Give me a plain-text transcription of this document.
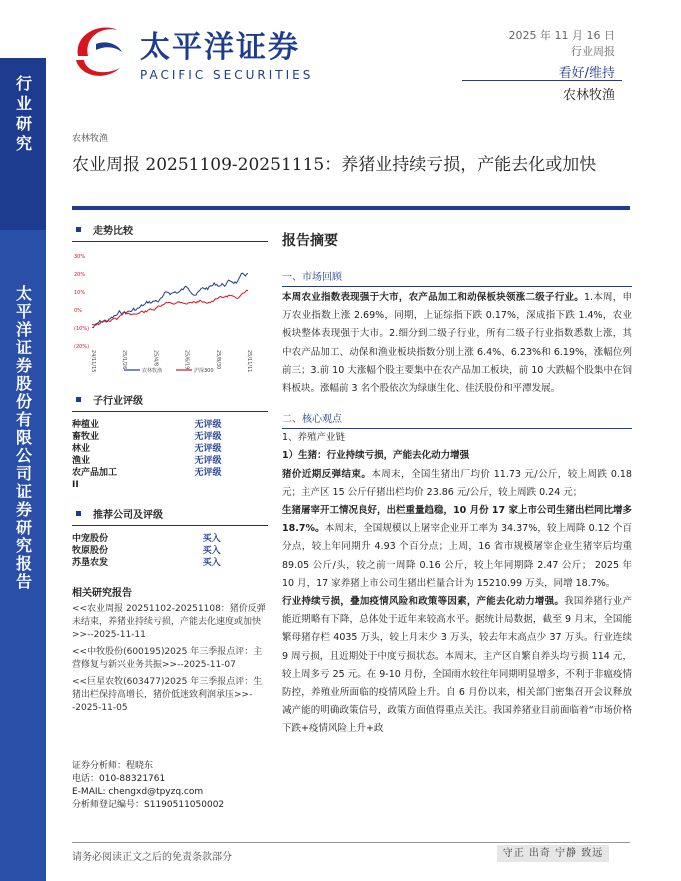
行业研究
太平洋证券股份有限公司证券研究报告
太平洋证券
PACIFIC SECURITIES
2025 年 11 月 16 日
行业周报
看好/维持
农林牧渔
农林牧渔
农业周报 20251109-20251115：养猪业持续亏损，产能去化或加快
走势比较
30%
20%
10%
0%
(10%)
(20%)
24/11/15	25/1/26	25/4/8	25/6/19	25/8/30	25/11/11
农林牧渔	沪深300
子行业评级
种植业	无评级
畜牧业	无评级
林业	无评级
渔业	无评级
农产品加工	无评级
II	
推荐公司及评级
中宠股份	买入
牧原股份	买入
苏垦农发	买入
相关研究报告
<<农业周报 20251102-20251108：猪价反弹未结束，养猪业持续亏损，产能去化速度或加快>>--2025-11-11
<<中牧股份(600195)2025 年三季报点评：主营修复与新兴业务共振>>--2025-11-07
<<巨星农牧(603477)2025 年三季报点评：生猪出栏保持高增长，猪价低迷致利润承压>>--2025-11-05
证券分析师：程晓东
电话：010-88321761
E-MAIL: chengxd@tpyzq.com
分析师登记编号：S1190511050002
报告摘要
一、市场回顾
本周农业指数表现强于大市，农产品加工和动保板块领涨二级子行业。1.本周，申万农业指数上涨 2.69%，同期，上证综指下跌 0.17%，深成指下跌 1.4%，农业板块整体表现强于大市。2.细分到二级子行业，所有二级子行业指数悉数上涨，其中农产品加工、动保和渔业板块指数分别上涨 6.4%、6.23%和 6.19%，涨幅位列前三；3.前 10 大涨幅个股主要集中在农产品加工板块，前 10 大跌幅个股集中在饲料板块。涨幅前 3 名个股依次为绿康生化、佳沃股份和平潭发展。
二、核心观点
1、养殖产业链
1）生猪：行业持续亏损，产能去化动力增强
猪价近期反弹结束。本周末，全国生猪出厂均价 11.73 元/公斤，较上周跌 0.18 元；主产区 15 公斤仔猪出栏均价 23.86 元/公斤，较上周跌 0.24 元；
生猪屠宰开工情况良好，出栏重量趋稳，10 月份 17 家上市公司生猪出栏同比增多 18.7%。本周末，全国规模以上屠宰企业开工率为 34.37%，较上周降 0.12 个百分点，较上年同期升 4.93 个百分点；上周，16 省市规模屠宰企业生猪宰后均重 89.05 公斤/头，较之前一周降 0.16 公斤，较上年同期降 2.47 公斤； 2025 年 10 月，17 家养猪上市公司生猪出栏量合计为 15210.99 万头，同增 18.7%。
行业持续亏损，叠加疫情风险和政策等因素，产能去化动力增强。我国养猪行业产能近期略有下降，总体处于近年来较高水平。据统计局数据，截至 9 月末，全国能繁母猪存栏 4035 万头，较上月末少 3 万头，较去年末高点少 37 万头。行业连续 9 周亏损，且近期处于中度亏损状态。本周末，主产区自繁自养头均亏损 114 元，较上周多亏 25 元。在 9-10 月份，全国雨水较往年同期明显增多，不利于非瘟疫情防控，养殖业所面临的疫情风险上升。自 6 月份以来，相关部门密集召开会议释放减产能的明确政策信号，政策方面值得重点关注。我国养猪业目前面临着“市场价格下跌+疫情风险上升+政
请务必阅读正文之后的免责条款部分	守正 出奇 宁静 致远
